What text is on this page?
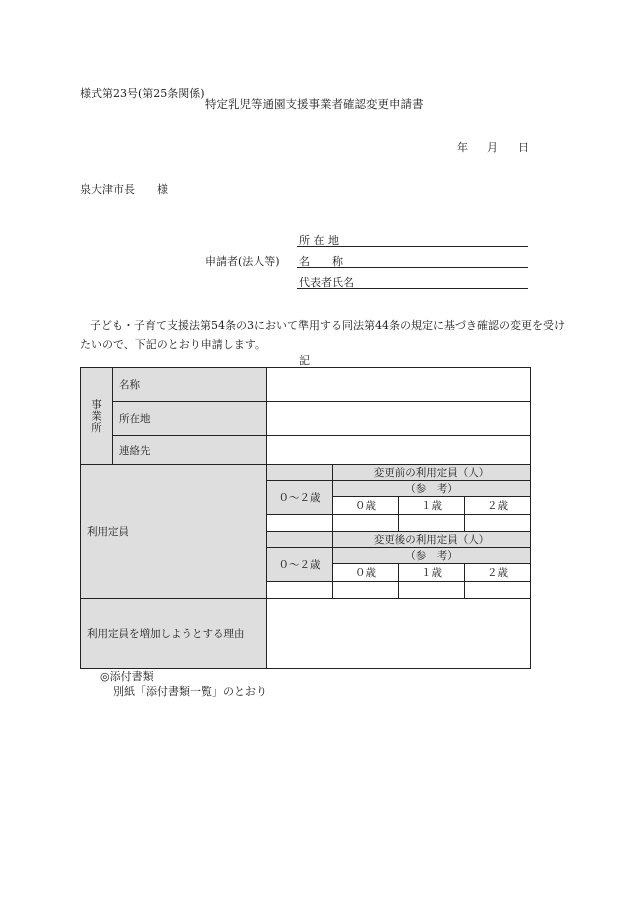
様式第23号(第25条関係)
特定乳児等通園支援事業者確認変更申請書
年 月 日
泉大津市長　　様
所 在 地
申請者(法人等) 名　　称
代表者氏名
子ども・子育て支援法第54条の3において準用する同法第44条の規定に基づき確認の変更を受け
たいので、下記のとおり申請します。
記
事業所	名称				
	所在地				
	連絡先				
利用定員			変更前の利用定員（人）		
		０～２歳	（参　考）		
			０歳	１歳	２歳

			変更後の利用定員（人）		
		０～２歳	（参　考）		
			０歳	１歳	２歳

利用定員を増加しようとする理由					
◎添付書類
別紙「添付書類一覧」のとおり
